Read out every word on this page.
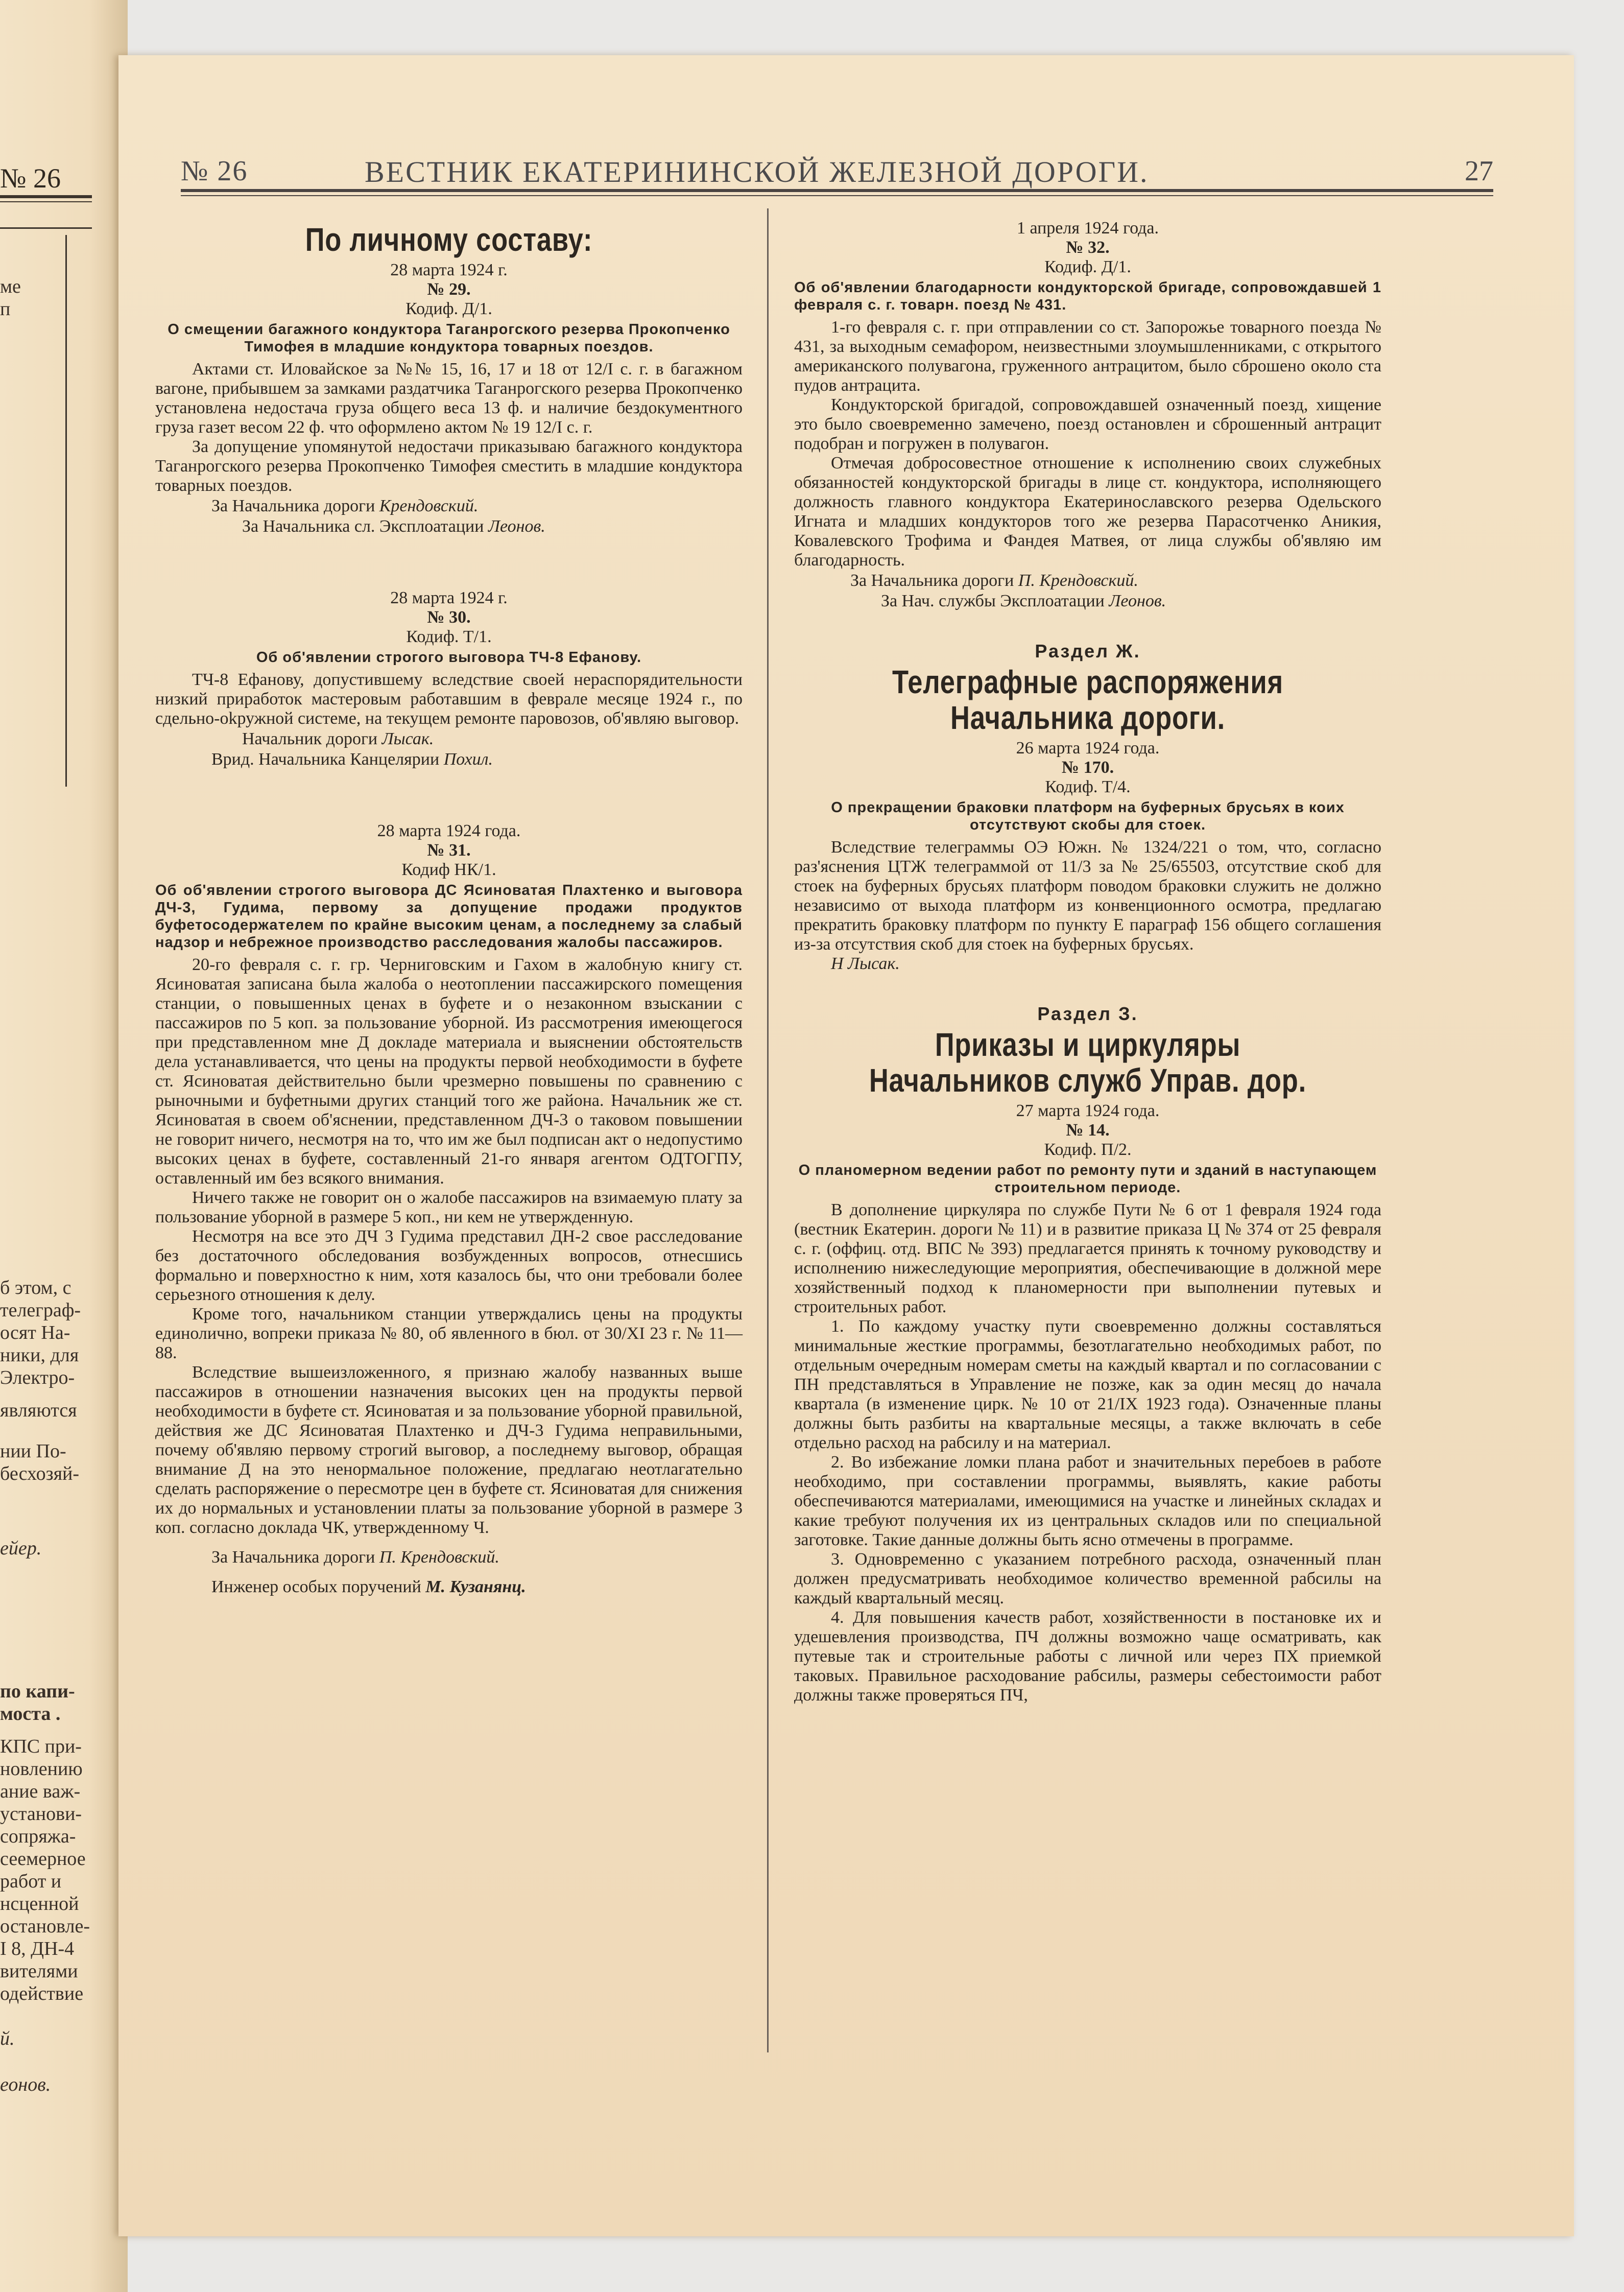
№ 26
ме
п
б этом, с
телеграф-
осят На-
ники, для
Электро-
являются
нии По-
бесхозяй-
ейер.
по капи-
моста .
КПС при-
новлению
ание важ-
установи-
сопряжа-
сеемерное
работ и
нсценной
остановле-
I 8, ДН-4
вителями
одействие
й.
еонов.
№ 26	ВЕСТНИК ЕКАТЕРИНИНСКОЙ ЖЕЛЕЗНОЙ ДОРОГИ.	27
По личному составу:
28 марта 1924 г.
№ 29.
Кодиф. Д/1.
О смещении багажного кондуктора Таганрогского резерва Прокопченко Тимофея в младшие кондуктора товарных поездов.

Актами ст. Иловайское за №№ 15, 16, 17 и 18 от 12/I с. г. в багажном вагоне, прибывшем за замками раздатчика Таганрогского резерва Прокопченко установлена недостача груза общего веса 13 ф. и наличие бездокументного груза газет весом 22 ф. что оформлено актом № 19 12/I с. г.

За допущение упомянутой недостачи приказываю багажного кондуктора Таганрогского резерва Прокопченко Тимофея сместить в младшие кондуктора товарных поездов.

За Начальника дороги Крендовский.

За Начальника сл. Эксплоатации Леонов.

28 марта 1924 г.
№ 30.
Кодиф. Т/1.
Об об'явлении строгого выговора ТЧ-8 Ефанову.

ТЧ-8 Ефанову, допустившему вследствие своей нераспорядительности низкий приработок мастеровым работавшим в феврале месяце 1924 г., по сдельно-okружной системе, на текущем ремонте паровозов, об'являю выговор.

Начальник дороги Лысак.

Врид. Начальника Канцелярии Похил.

28 марта 1924 года.
№ 31.
Кодиф НК/1.
Об об'явлении строгого выговора ДС Ясиноватая Плахтенко и выговора ДЧ-3, Гудима, первому за допущение продажи продуктов буфетосодержателем по крайне высоким ценам, а последнему за слабый надзор и небрежное производство расследования жалобы пассажиров.

20-го февраля с. г. гр. Черниговским и Гахом в жалобную книгу ст. Ясиноватая записана была жалоба о неотоплении пассажирского помещения станции, о повышенных ценах в буфете и о незаконном взыскании с пассажиров по 5 коп. за пользование уборной. Из рассмотрения имеющегося при представленном мне Д докладе материала и выяснении обстоятельств дела устанавливается, что цены на продукты первой необходимости в буфете ст. Ясиноватая действительно были чрезмерно повышены по сравнению с рыночными и буфетными других станций того же района. Начальник же ст. Ясиноватая в своем об'яснении, представленном ДЧ-3 о таковом повышении не говорит ничего, несмотря на то, что им же был подписан акт о недопустимо высоких ценах в буфете, составленный 21-го января агентом ОДТОГПУ, оставленный им без всякого внимания.

Ничего также не говорит он о жалобе пассажиров на взимаемую плату за пользование уборной в размере 5 коп., ни кем не утвержденную.

Несмотря на все это ДЧ 3 Гудима представил ДН-2 свое расследование без достаточного обследования возбужденных вопросов, отнесшись формально и поверхностно к ним, хотя казалось бы, что они требовали более серьезного отношения к делу.

Кроме того, начальником станции утверждались цены на продукты единолично, вопреки приказа № 80, об явленного в бюл. от 30/XI 23 г. № 11—88.

Вследствие вышеизложенного, я признаю жалобу названных выше пассажиров в отношении назначения высоких цен на продукты первой необходимости в буфете ст. Ясиноватая и за пользование уборной правильной, действия же ДС Ясиноватая Плахтенко и ДЧ-3 Гудима неправильными, почему об'являю первому строгий выговор, а последнему выговор, обращая внимание Д на это ненормальное положение, предлагаю неотлагательно сделать распоряжение о пересмотре цен в буфете ст. Ясиноватая для снижения их до нормальных и установлении платы за пользование уборной в размере 3 коп. согласно доклада ЧК, утвержденному Ч.

За Начальника дороги П. Крендовский.

Инженер особых поручений М. Кузанянц.

1 апреля 1924 года.
№ 32.
Кодиф. Д/1.
Об об'явлении благодарности кондукторской бригаде, сопровождавшей 1 февраля с. г. товарн. поезд № 431.

1-го февраля с. г. при отправлении со ст. Запорожье товарного поезда № 431, за выходным семафором, неизвестными злоумышленниками, с открытого американского полувагона, груженного антрацитом, было сброшено около ста пудов антрацита.

Кондукторской бригадой, сопровождавшей означенный поезд, хищение это было своевременно замечено, поезд остановлен и сброшенный антрацит подобран и погружен в полувагон.

Отмечая добросовестное отношение к исполнению своих служебных обязанностей кондукторской бригады в лице ст. кондуктора, исполняющего должность главного кондуктора Екатеринославского резерва Одельского Игната и младших кондукторов того же резерва Парасотченко Аникия, Ковалевского Трофима и Фандея Матвея, от лица службы об'являю им благодарность.

За Начальника дороги П. Крендовский.

За Нач. службы Эксплоатации Леонов.

Раздел Ж.
Телеграфные распоряжения Начальника дороги.
26 марта 1924 года.
№ 170.
Кодиф. Т/4.
О прекращении браковки платформ на буферных брусьях в коих отсутствуют скобы для стоек.

Вследствие телеграммы ОЭ Южн. № 1324/221 о том, что, согласно раз'яснения ЦТЖ телеграммой от 11/3 за № 25/65503, отсутствие скоб для стоек на буферных брусьях платформ поводом браковки служить не должно независимо от выхода платформ из конвенционного осмотра, предлагаю прекратить браковку платформ по пункту Е параграф 156 общего соглашения из-за отсутствия скоб для стоек на буферных брусьях.

Н Лысак.

Раздел З.
Приказы и циркуляры Начальников служб Управ. дор.
27 марта 1924 года.
№ 14.
Кодиф. П/2.
О планомерном ведении работ по ремонту пути и зданий в наступающем строительном периоде.

В дополнение циркуляра по службе Пути № 6 от 1 февраля 1924 года (вестник Екатерин. дороги № 11) и в развитие приказа Ц № 374 от 25 февраля с. г. (оффиц. отд. ВПС № 393) предлагается принять к точному руководству и исполнению нижеследующие мероприятия, обеспечивающие в должной мере хозяйственный подход к планомерности при выполнении путевых и строительных работ.

1. По каждому участку пути своевременно должны составляться минимальные жесткие программы, безотлагательно необходимых работ, по отдельным очередным номерам сметы на каждый квартал и по согласовании с ПН представляться в Управление не позже, как за один месяц до начала квартала (в изменение цирк. № 10 от 21/IX 1923 года). Означенные планы должны быть разбиты на квартальные месяцы, а также включать в себе отдельно расход на рабсилу и на материал.

2. Во избежание ломки плана работ и значительных перебоев в работе необходимо, при составлении программы, выявлять, какие работы обеспечиваются материалами, имеющимися на участке и линейных складах и какие требуют получения их из центральных складов или по специальной заготовке. Такие данные должны быть ясно отмечены в программе.

3. Одновременно с указанием потребного расхода, означенный план должен предусматривать необходимое количество временной рабсилы на каждый квартальный месяц.

4. Для повышения качеств работ, хозяйственности в постановке их и удешевления производства, ПЧ должны возможно чаще осматривать, как путевые так и строительные работы с личной или через ПХ приемкой таковых. Правильное расходование рабсилы, размеры себестоимости работ должны также проверяться ПЧ,
